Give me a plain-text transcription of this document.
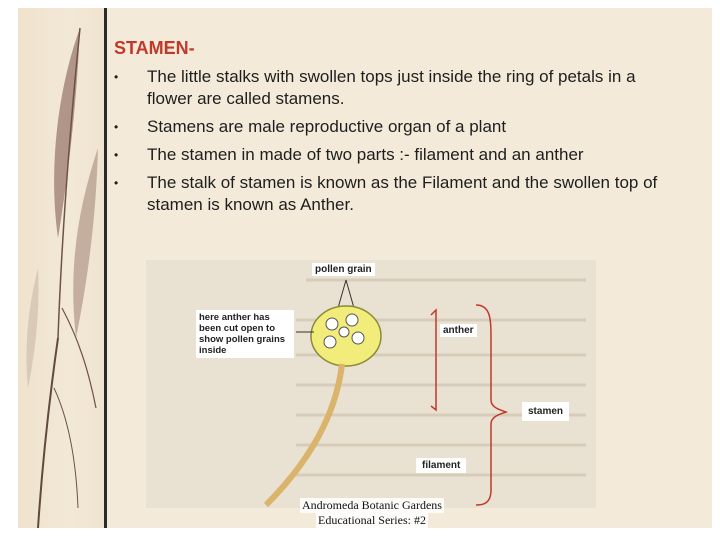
STAMEN-
• The little stalks with swollen tops just inside the ring of petals in a flower are called stamens.
• Stamens are male reproductive organ of a plant
• The stamen in made of two parts :- filament and an anther
• The stalk of stamen is known as the Filament and the swollen top of stamen is known as Anther.
pollen grain
anther
stamen
filament
here anther has been cut open to show pollen grains inside
Andromeda Botanic Gardens
Educational Series: #2
